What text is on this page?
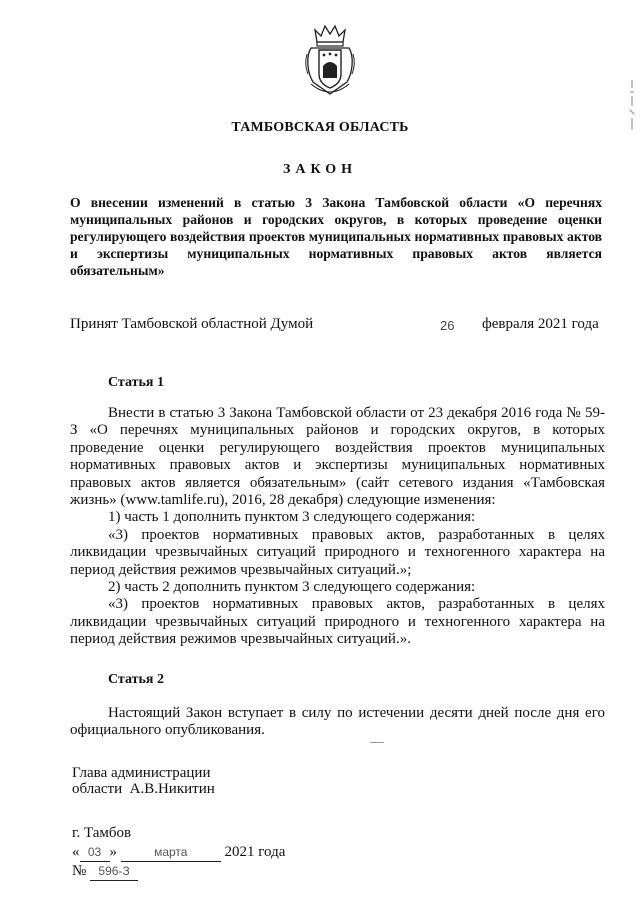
ТАМБОВСКАЯ ОБЛАСТЬ
ЗАКОН
О внесении изменений в статью 3 Закона Тамбовской области «О перечнях муниципальных районов и городских округов, в которых проведение оценки регулирующего воздействия проектов муниципальных нормативных правовых актов и экспертизы муниципальных нормативных правовых актов является обязательным»
Принят Тамбовской областной Думой	26 февраля 2021 года
Статья 1

Внести в статью 3 Закона Тамбовской области от 23 декабря 2016 года № 59-З «О перечнях муниципальных районов и городских округов, в которых проведение оценки регулирующего воздействия проектов муниципальных нормативных правовых актов и экспертизы муниципальных нормативных правовых актов является обязательным» (сайт сетевого издания «Тамбовская жизнь» (www.tamlife.ru), 2016, 28 декабря) следующие изменения:

1) часть 1 дополнить пунктом 3 следующего содержания:

«3) проектов нормативных правовых актов, разработанных в целях ликвидации чрезвычайных ситуаций природного и техногенного характера на период действия режимов чрезвычайных ситуаций.»;

2) часть 2 дополнить пунктом 3 следующего содержания:

«3) проектов нормативных правовых актов, разработанных в целях ликвидации чрезвычайных ситуаций природного и техногенного характера на период действия режимов чрезвычайных ситуаций.».

Статья 2

Настоящий Закон вступает в силу по истечении десяти дней после дня его официального опубликования.

Глава администрации
области  А.В.Никитин
г. Тамбов
« 03 »	марта 2021 года
№ 596-З
